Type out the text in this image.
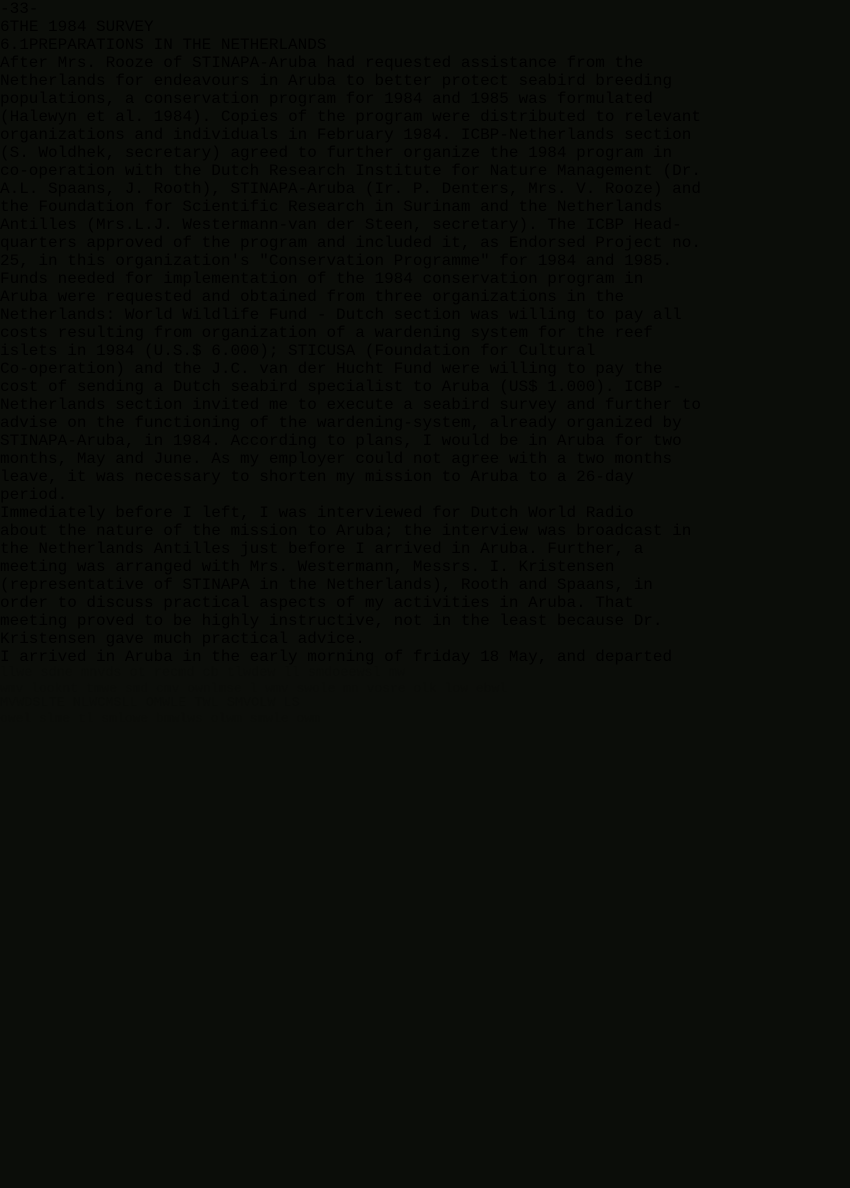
-33-
6THE 1984 SURVEY
6.1PREPARATIONS IN THE NETHERLANDS
After Mrs. Rooze of STINAPA-Aruba had requested assistance from the
Netherlands for endeavours in Aruba to better protect seabird breeding
populations, a conservation program for 1984 and 1985 was formulated
(Halewyn et al. 1984). Copies of the program were distributed to relevant
organizations and individuals in February 1984. ICBP-Netherlands section
(S. Woldhek, secretary) agreed to further organize the 1984 program in
co-operation with the Dutch Research Institute for Nature Management (Dr.
A.L. Spaans, J. Rooth), STINAPA-Aruba (Ir. P. Denters, Mrs. V. Rooze) and
the Foundation for Scientific Research in Surinam and the Netherlands
Antilles (Mrs.L.J. Westermann-van der Steen, secretary). The ICBP Head-
quarters approved of the program and included it, as Endorsed Project no.
25, in this organization's "Conservation Programme" for 1984 and 1985.
Funds needed for implementation of the 1984 conservation program in
Aruba were requested and obtained from three organizations in the
Netherlands: World Wildlife Fund - Dutch section was willing to pay all
costs resulting from organization of a wardening system for the reef
islets in 1984 (U.S.$ 6.000); STICUSA (Foundation for Cultural
Co-operation) and the J.C. van der Hucht Fund were willing to pay the
cost of sending a Dutch seabird specialist to Aruba (US$ 1.000). ICBP -
Netherlands section invited me to execute a seabird survey and further to
advise on the functioning of the wardening-system, already organized by
STINAPA-Aruba, in 1984. According to plans, I would be in Aruba for two
months, May and June. As my employer could not agree with a two months
leave, it was necessary to shorten my mission to Aruba to a 26-day
period.
Immediately before I left, I was interviewed for Dutch World Radio
about the nature of the mission to Aruba; the interview was broadcast in
the Netherlands Antilles just before I arrived in Aruba. Further, a
meeting was arranged with Mrs. Westermann, Messrs. I. Kristensen
(representative of STINAPA in the Netherlands), Rooth and Spaans, in
order to discuss practical aspects of my activities in Aruba. That
meeting proved to be highly instructive, not in the least because Dr.
Kristensen gave much practical advice.
I arrived in Aruba in the early morning of friday 18 May, and departed
llwe sdne mnvds ot recmd cb tlwdew ll smdoeewsl mw
wmv looknt tmwe smd cmv ownlmse l wmv swole mn vosre olk low ebwl
MVWDSLTE NLWCMSLL OMWLE TWL SMVOLW LS
owel slme tl smlowe bmwlws olwm smwle owm
